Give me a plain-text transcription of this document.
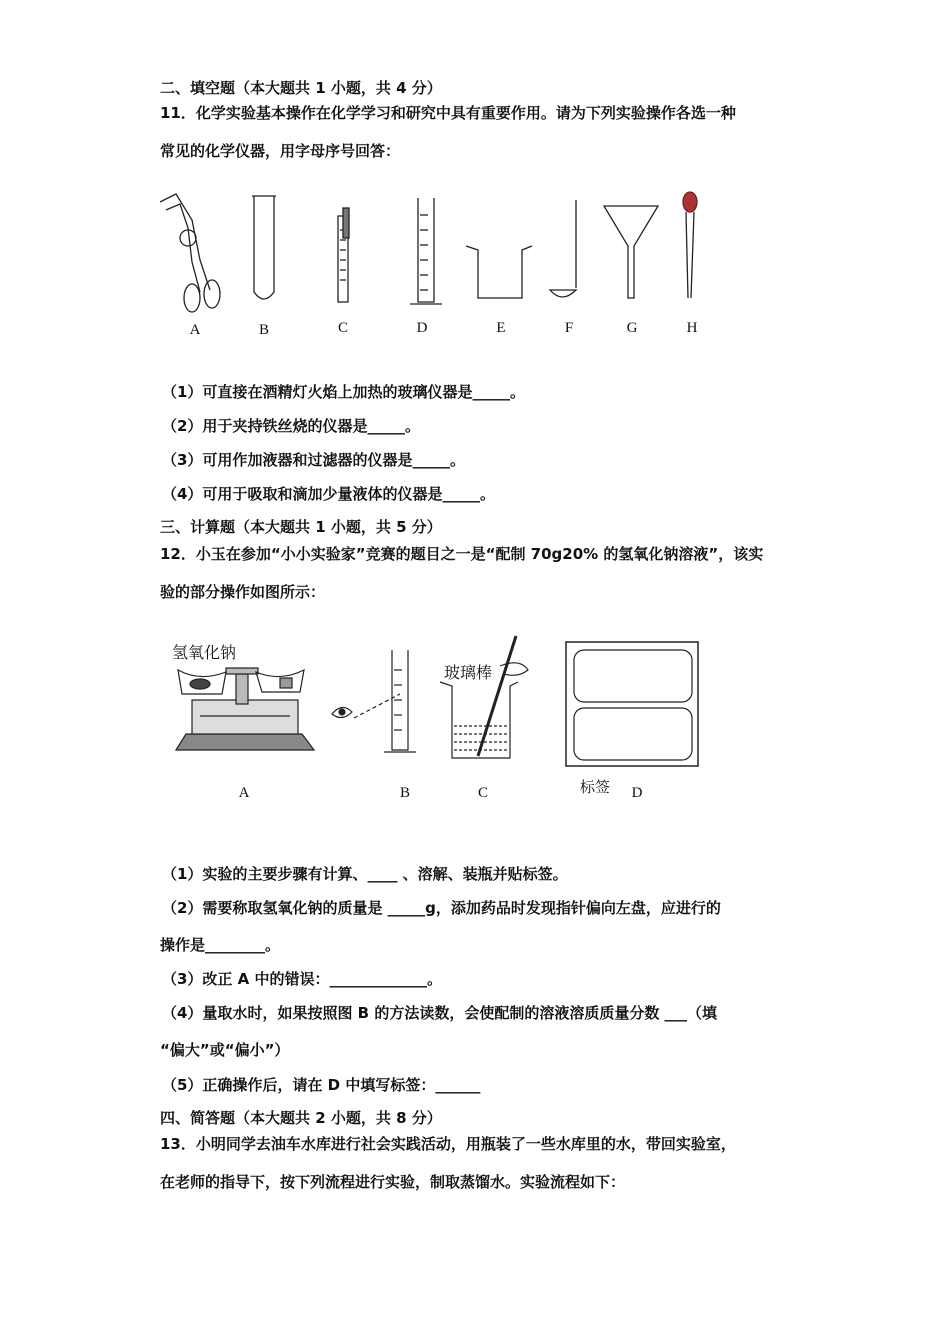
二、填空题（本大题共 1 小题，共 4 分）
11．化学实验基本操作在化学学习和研究中具有重要作用。请为下列实验操作各选一种
常见的化学仪器，用字母序号回答：
A	B	C	D	E	F	G	H
（1）可直接在酒精灯火焰上加热的玻璃仪器是_____。
（2）用于夹持铁丝烧的仪器是_____。
（3）可用作加液器和过滤器的仪器是_____。
（4）可用于吸取和滴加少量液体的仪器是_____。
三、计算题（本大题共 1 小题，共 5 分）
12．小玉在参加“小小实验家”竞赛的题目之一是“配制 70g20% 的氢氧化钠溶液”，该实
验的部分操作如图所示：
氢氧化钠
玻璃棒
标签
A	B	C	D
（1）实验的主要步骤有计算、____ 、溶解、装瓶并贴标签。
（2）需要称取氢氧化钠的质量是 _____g，添加药品时发现指针偏向左盘，应进行的
操作是________。
（3）改正 A 中的错误：_____________。
（4）量取水时，如果按照图 B 的方法读数，会使配制的溶液溶质质量分数 ___（填
“偏大”或“偏小”）
（5）正确操作后，请在 D 中填写标签：______
四、简答题（本大题共 2 小题，共 8 分）
13．小明同学去油车水库进行社会实践活动，用瓶装了一些水库里的水，带回实验室，
在老师的指导下，按下列流程进行实验，制取蒸馏水。实验流程如下：
